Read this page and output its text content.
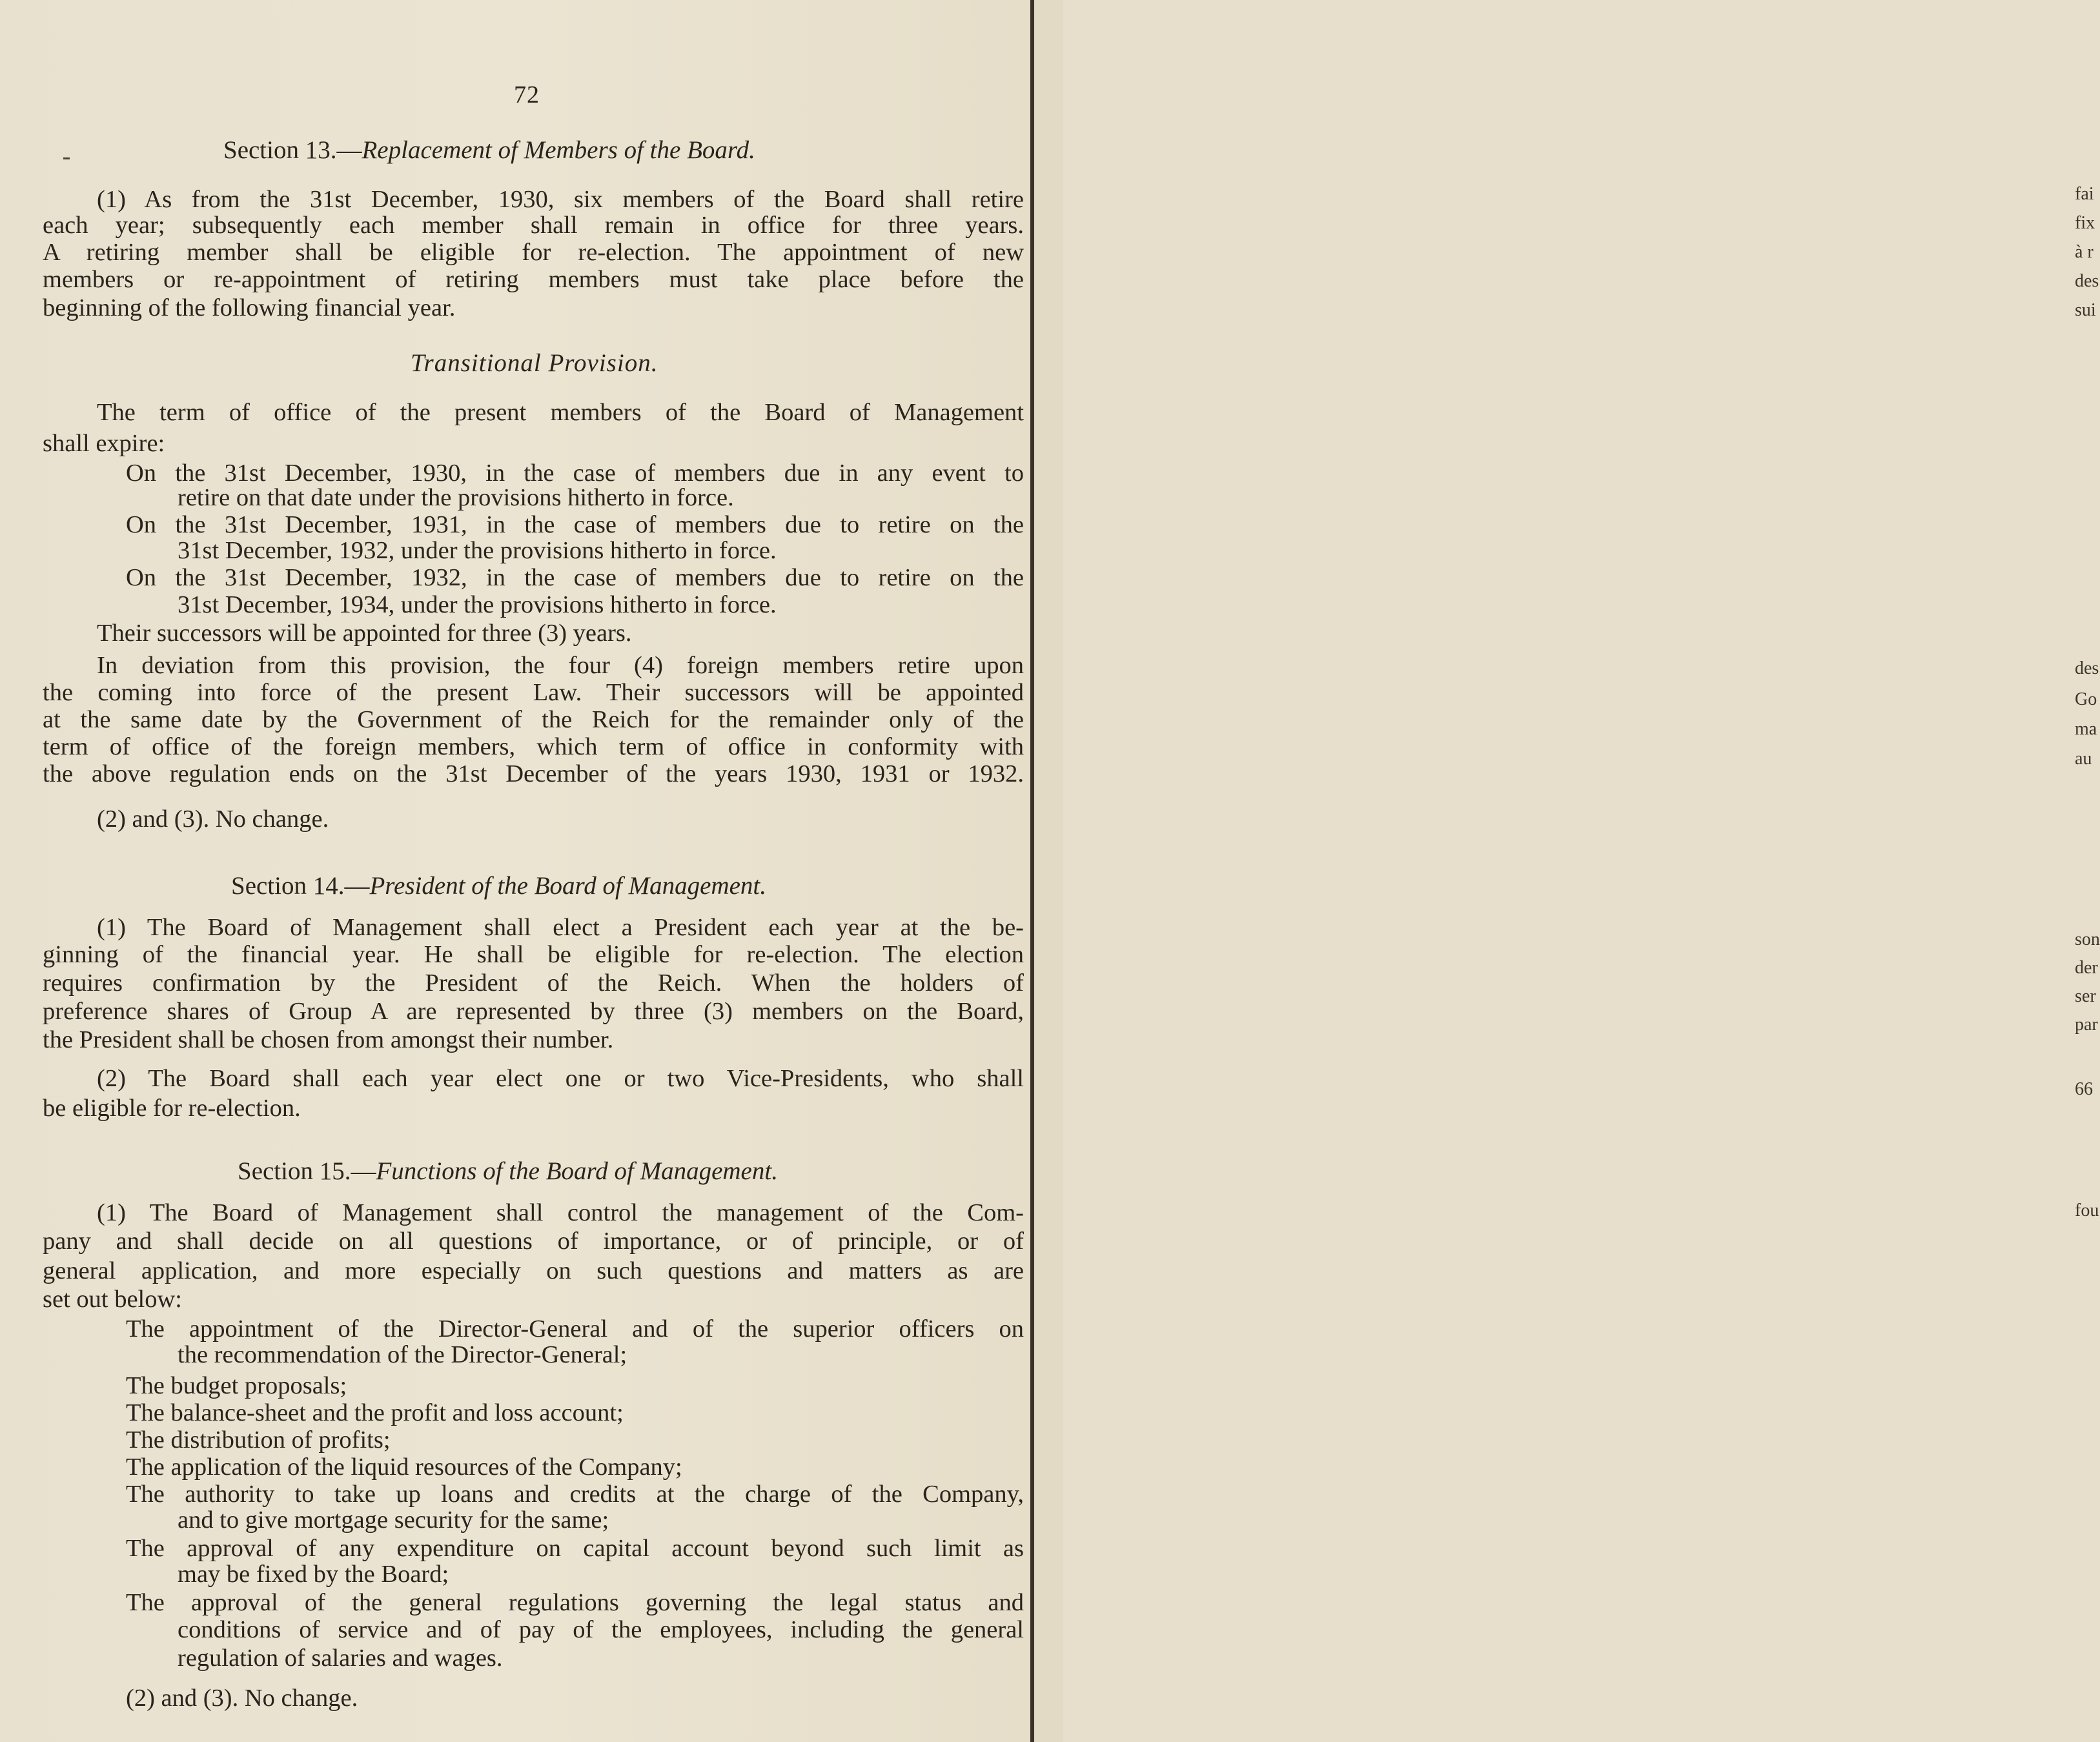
72
Section 13.—Replacement of Members of the Board.
(1) As from the 31st December, 1930, six members of the Board shall retire
each year; subsequently each member shall remain in office for three years.
A retiring member shall be eligible for re-election. The appointment of new
members or re-appointment of retiring members must take place before the
beginning of the following financial year.
Transitional Provision.
The term of office of the present members of the Board of Management
shall expire:
On the 31st December, 1930, in the case of members due in any event to
retire on that date under the provisions hitherto in force.
On the 31st December, 1931, in the case of members due to retire on the
31st December, 1932, under the provisions hitherto in force.
On the 31st December, 1932, in the case of members due to retire on the
31st December, 1934, under the provisions hitherto in force.
Their successors will be appointed for three (3) years.
In deviation from this provision, the four (4) foreign members retire upon
the coming into force of the present Law. Their successors will be appointed
at the same date by the Government of the Reich for the remainder only of the
term of office of the foreign members, which term of office in conformity with
the above regulation ends on the 31st December of the years 1930, 1931 or 1932.
(2) and (3). No change.
Section 14.—President of the Board of Management.
(1) The Board of Management shall elect a President each year at the be-
ginning of the financial year. He shall be eligible for re-election. The election
requires confirmation by the President of the Reich. When the holders of
preference shares of Group A are represented by three (3) members on the Board,
the President shall be chosen from amongst their number.
(2) The Board shall each year elect one or two Vice-Presidents, who shall
be eligible for re-election.
Section 15.—Functions of the Board of Management.
(1) The Board of Management shall control the management of the Com-
pany and shall decide on all questions of importance, or of principle, or of
general application, and more especially on such questions and matters as are
set out below:
The appointment of the Director-General and of the superior officers on
the recommendation of the Director-General;
The budget proposals;
The balance-sheet and the profit and loss account;
The distribution of profits;
The application of the liquid resources of the Company;
The authority to take up loans and credits at the charge of the Company,
and to give mortgage security for the same;
The approval of any expenditure on capital account beyond such limit as
may be fixed by the Board;
The approval of the general regulations governing the legal status and
conditions of service and of pay of the employees, including the general
regulation of salaries and wages.
(2) and (3). No change.
fai
fix
à r
des
sui
des
Go
ma
au
son
der
ser
par
66
fou
